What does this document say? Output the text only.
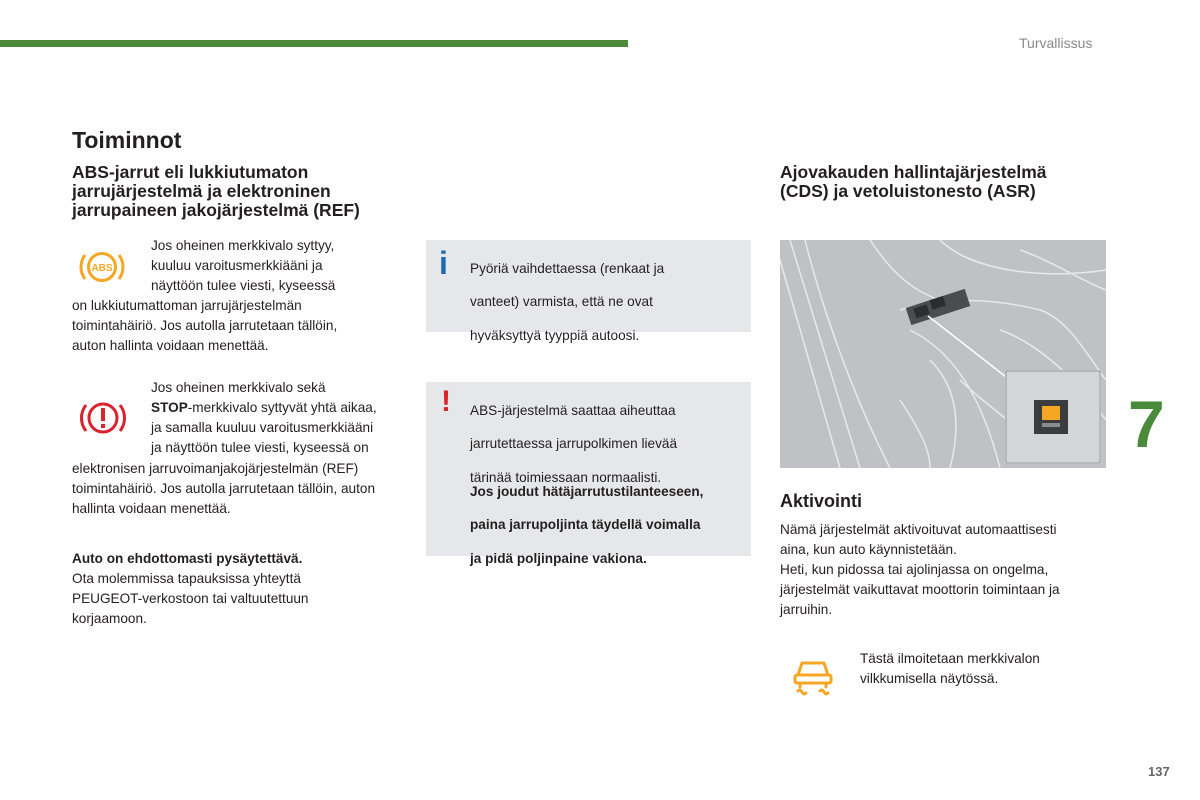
Turvallissus
Toiminnot

ABS-jarrut eli lukkiutumaton

jarrujärjestelmä ja elektroninen

jarrupaineen jakojärjestelmä (REF)

ABS

Jos oheinen merkkivalo syttyy,

kuuluu varoitusmerkkiääni ja

näyttöön tulee viesti, kyseessä

on lukkiutumattoman jarrujärjestelmän

toimintahäiriö. Jos autolla jarrutetaan tällöin,

auton hallinta voidaan menettää.

Jos oheinen merkkivalo sekä

STOP-merkkivalo syttyvät yhtä aikaa,

ja samalla kuuluu varoitusmerkkiääni

ja näyttöön tulee viesti, kyseessä on

elektronisen jarruvoimanjakojärjestelmän (REF)

toimintahäiriö. Jos autolla jarrutetaan tällöin, auton

hallinta voidaan menettää.

Auto on ehdottomasti pysäytettävä.

Ota molemmissa tapauksissa yhteyttä

PEUGEOT-verkostoon tai valtuutettuun

korjaamoon.

i Pyöriä vaihdettaessa (renkaat ja

vanteet) varmista, että ne ovat

hyväksyttyä tyyppiä autoosi.

! ABS-järjestelmä saattaa aiheuttaa

jarrutettaessa jarrupolkimen lievää

tärinää toimiessaan normaalisti.

Jos joudut hätäjarrutustilanteeseen,

paina jarrupoljinta täydellä voimalla

ja pidä poljinpaine vakiona.

Ajovakauden hallintajärjestelmä

(CDS) ja vetoluistonesto (ASR)

Aktivointi

Nämä järjestelmät aktivoituvat automaattisesti

aina, kun auto käynnistetään.

Heti, kun pidossa tai ajolinjassa on ongelma,

järjestelmät vaikuttavat moottorin toimintaan ja

jarruihin.

Tästä ilmoitetaan merkkivalon

vilkkumisella näytössä.

7
137
